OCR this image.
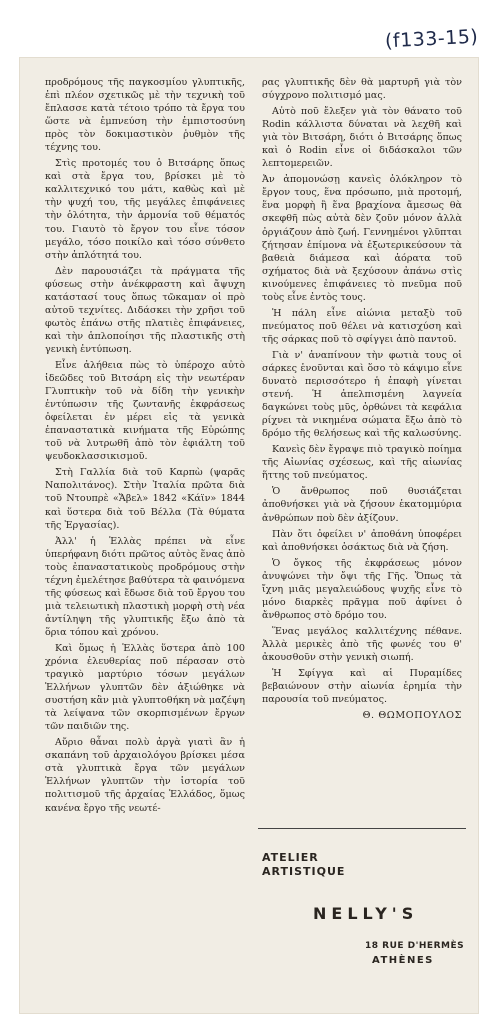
(f133-15)

προδρόμους τῆς παγκοσμίου γλυπτικῆς, ἐπὶ πλέον σχετικῶς μὲ τὴν τεχνικὴ τοῦ ἔπλασσε κατὰ τέτοιο τρόπο τὰ ἔργα του ὥστε νὰ ἐμπνεύση τὴν ἐμπιστοσύνη πρὸς τὸν δοκιμαστικὸν ῥυθμὸν τῆς τέχνης του.

Στὶς προτομές του ὁ Βιτσάρης ὅπως καὶ στὰ ἔργα του, βρίσκει μὲ τὸ καλλιτεχνικό του μάτι, καθὼς καὶ μὲ τὴν ψυχή του, τῆς μεγάλες ἐπιφάνειες τὴν ὁλότητα, τὴν ἁρμονία τοῦ θέματός του. Γιαυτὸ τὸ ἔργον του εἶνε τόσον μεγάλο, τόσο ποικίλο καὶ τόσο σύνθετο στὴν ἁπλότητά του.

Δὲν παρουσιάζει τὰ πράγματα τῆς φύσεως στὴν ἀνέκφραστη καὶ ἄψυχη κατάστασί τους ὅπως τῶκαμαν οἱ πρὸ αὐτοῦ τεχνίτες. Διδάσκει τὴν χρῆσι τοῦ φωτὸς ἐπάνω στῆς πλατιὲς ἐπιφάνειες, καὶ τὴν ἁπλοποίησι τῆς πλαστικῆς στὴ γενικὴ ἐντύπωση.

Εἶνε ἀλήθεια πὼς τὸ ὑπέροχο αὐτὸ ἰδεῶδες τοῦ Βιτσάρη εἰς τὴν νεωτέραν Γλυπτικὴν τοῦ νὰ δίδη τὴν γενικὴν ἐντύπωσιν τῆς ζωντανῆς ἐκφράσεως ὀφείλεται ἐν μέρει εἰς τὰ γενικὰ ἐπαναστατικὰ κινήματα τῆς Εὐρώπης τοῦ νὰ λυτρωθῆ ἀπὸ τὸν ἐφιάλτη τοῦ ψευδοκλασσικισμοῦ.

Στὴ Γαλλία διὰ τοῦ Καρπὼ (ψαρᾶς Ναπολιτάνος). Στὴν Ἰταλία πρῶτα διὰ τοῦ Ντουπρὲ «Ἄβελ» 1842 «Κάϊν» 1844 καὶ ὕστερα διὰ τοῦ Βέλλα (Τὰ θύματα τῆς Ἐργασίας).

Ἀλλ' ἡ Ἑλλὰς πρέπει νὰ εἶνε ὑπερήφανη διότι πρῶτος αὐτὸς ἕνας ἀπὸ τοὺς ἐπαναστατικοὺς προδρόμους στὴν τέχνη ἐμελέτησε βαθύτερα τὰ φαινόμενα τῆς φύσεως καὶ ἔδωσε διὰ τοῦ ἔργου του μιὰ τελειωτικὴ πλαστικὴ μορφὴ στὴ νέα ἀντίληψη τῆς γλυπτικῆς ἔξω ἀπὸ τὰ ὅρια τόπου καὶ χρόνου.

Καὶ ὅμως ἡ Ἑλλὰς ὕστερα ἀπὸ 100 χρόνια ἐλευθερίας ποῦ πέρασαν στὸ τραγικὸ μαρτύριο τόσων μεγάλων Ἑλλήνων γλυπτῶν δὲν ἀξιώθηκε νὰ συστήση κἂν μιὰ γλυπτοθήκη νὰ μαζέψη τὰ λείψανα τῶν σκορπισμένων ἔργων τῶν παιδιῶν της.

Αὔριο θἆναι πολὺ ἀργὰ γιατὶ ἂν ἡ σκαπάνη τοῦ ἀρχαιολόγου βρίσκει μέσα στὰ γλυπτικὰ ἔργα τῶν μεγάλων Ἑλλήνων γλυπτῶν τὴν ἱστορία τοῦ πολιτισμοῦ τῆς ἀρχαίας Ἑλλάδος, ὅμως κανένα ἔργο τῆς νεωτέ-

ρας γλυπτικῆς δὲν θὰ μαρτυρῆ γιὰ τὸν σύγχρονο πολιτισμό μας.

Αὐτὸ ποῦ ἔλεξεν γιὰ τὸν θάνατο τοῦ Rodin κάλλιστα δύναται νὰ λεχθῆ καὶ γιὰ τὸν Βιτσάρη, διότι ὁ Βιτσάρης ὅπως καὶ ὁ Rodin εἶνε οἱ διδάσκαλοι τῶν λεπτομερειῶν.

Ἀν ἀπομονώσῃ κανεὶς ὁλόκληρον τὸ ἔργον τους, ἕνα πρόσωπο, μιὰ προτομή, ἕνα μορφὴ ἢ ἕνα βραχίονα ἄμεσως θὰ σκεφθῆ πὼς αὐτὰ δὲν ζοῦν μόνον ἀλλὰ ὀργιάζουν ἀπὸ ζωή. Γεννημένοι γλῦπται ζήτησαν ἐπίμονα νὰ ἐξωτερικεύσουν τὰ βαθειὰ διάμεσα καὶ ἀόρατα τοῦ σχήματος διὰ νὰ ξεχύσουν ἀπάνω στὶς κινούμενες ἐπιφάνειες τὸ πνεῦμα ποῦ τοὺς εἶνε ἐντὸς τους.

Ἡ πάλη εἶνε αἰώνια μεταξὺ τοῦ πνεύματος ποῦ θέλει νὰ κατισχύση καὶ τῆς σάρκας ποῦ τὸ σφίγγει ἀπὸ παντοῦ.

Γιὰ ν' ἀναπίνουν τὴν φωτιὰ τους οἱ σάρκες ἑνοῦνται καὶ ὅσο τὸ κάψιμο εἶνε δυνατὸ περισσότερο ἡ ἐπαφὴ γίνεται στενή. Ἡ ἀπελπισμένη λαγνεία δαγκώνει τοὺς μῦς, ὀρθώνει τὰ κεφάλια ρίχνει τὰ νικημένα σώματα ἔξω ἀπὸ τὸ δρόμο τῆς θελήσεως καὶ τῆς καλωσύνης.

Κανεὶς δὲν ἔγραψε πιὸ τραγικὸ ποίημα τῆς Αἰωνίας σχέσεως, καὶ τῆς αἰωνίας ἥττης τοῦ πνεύματος.

Ὁ ἄνθρωπος ποῦ θυσιάζεται ἀποθνήσκει γιὰ νὰ ζήσουν ἑκατομμύρια ἀνθρώπων ποὺ δὲν ἀξίζουν.

Πὰν ὅτι ὀφείλει ν' ἀποθάνη ὑποφέρει καὶ ἀποθνήσκει ὁσάκτως διὰ νὰ ζήση.

Ὁ ὄγκος τῆς ἐκφράσεως μόνον ἀνυψώνει τὴν ὄψι τῆς Γῆς. Ὅπως τὰ ἴχνη μιᾶς μεγαλειώδους ψυχῆς εἶνε τὸ μόνο διαρκὲς πρᾶγμα ποῦ ἀφίνει ὁ ἄνθρωπος στὸ δρόμο του.

Ἕνας μεγάλος καλλιτέχνης πέθανε. Ἀλλὰ μερικὲς ἀπὸ τῆς φωνές του θ' ἀκουσθοῦν στὴν γενικὴ σιωπή.

Ἡ Σφίγγα καὶ αἱ Πυραμίδες βεβαιώνουν στὴν αἰωνία ἐρημία τὴν παρουσία τοῦ πνεύματος.

Θ. ΘΩΜΟΠΟΥΛΟΣ

ATELIER
ARTISTIQUE
NELLY'S
18 RUE D'HERMÈS
ATHÈNES
